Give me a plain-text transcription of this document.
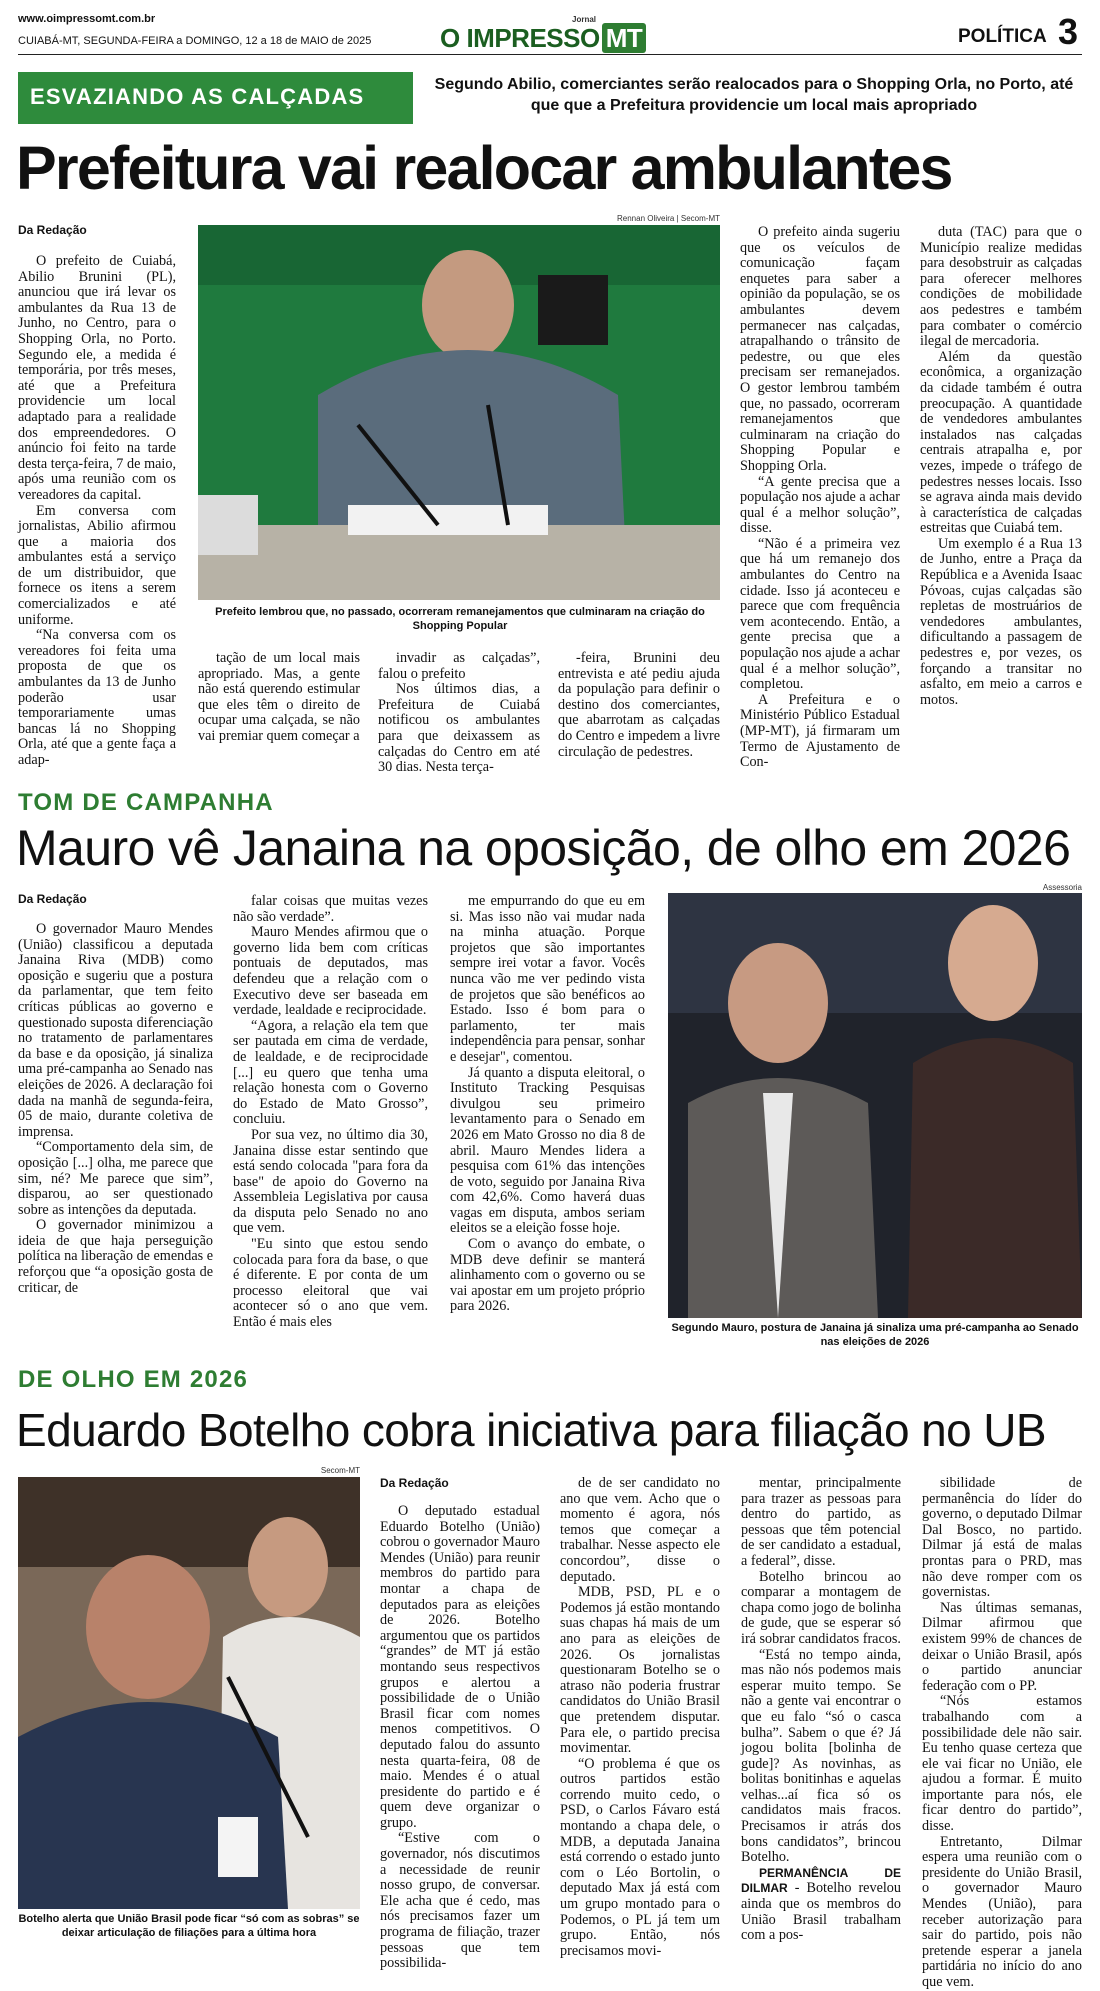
www.oimpressomt.com.br
CUIABÁ-MT, SEGUNDA-FEIRA a DOMINGO, 12 a 18 de MAIO de 2025
Jornal
O IMPRESSO MT	POLÍTICA 3
ESVAZIANDO AS CALÇADAS	Segundo Abilio, comerciantes serão realocados para o Shopping Orla, no Porto, até que que a Prefeitura providencie um local mais apropriado
Prefeitura vai realocar ambulantes
Da Redação

O prefeito de Cuiabá, Abilio Brunini (PL), anunciou que irá levar os ambulantes da Rua 13 de Junho, no Centro, para o Shopping Orla, no Porto. Segundo ele, a medida é temporária, por três meses, até que a Prefeitura providencie um local adaptado para a realidade dos empreendedores. O anúncio foi feito na tarde desta terça-feira, 7 de maio, após uma reunião com os vereadores da capital.

Em conversa com jornalistas, Abilio afirmou que a maioria dos ambulantes está a serviço de um distribuidor, que fornece os itens a serem comercializados e até uniforme.

“Na conversa com os vereadores foi feita uma proposta de que os ambulantes da 13 de Junho poderão usar temporariamente umas bancas lá no Shopping Orla, até que a gente faça a adap-

Rennan Oliveira | Secom-MT
Prefeito lembrou que, no passado, ocorreram remanejamentos que culminaram na criação do Shopping Popular

tação de um local mais apropriado. Mas, a gente não está querendo estimular que eles têm o direito de ocupar uma calçada, se não vai premiar quem começar a

invadir as calçadas”, falou o prefeito

Nos últimos dias, a Prefeitura de Cuiabá notificou os ambulantes para que deixassem as calçadas do Centro em até 30 dias. Nesta terça-

-feira, Brunini deu entrevista e até pediu ajuda da população para definir o destino dos comerciantes, que abarrotam as calçadas do Centro e impedem a livre circulação de pedestres.

O prefeito ainda sugeriu que os veículos de comunicação façam enquetes para saber a opinião da população, se os ambulantes devem permanecer nas calçadas, atrapalhando o trânsito de pedestre, ou que eles precisam ser remanejados. O gestor lembrou também que, no passado, ocorreram remanejamentos que culminaram na criação do Shopping Popular e Shopping Orla.

“A gente precisa que a população nos ajude a achar qual é a melhor solução”, disse.

“Não é a primeira vez que há um remanejo dos ambulantes do Centro na cidade. Isso já aconteceu e parece que com frequência vem acontecendo. Então, a gente precisa que a população nos ajude a achar qual é a melhor solução”, completou.

A Prefeitura e o Ministério Público Estadual (MP-MT), já firmaram um Termo de Ajustamento de Con-

duta (TAC) para que o Município realize medidas para desobstruir as calçadas para oferecer melhores condições de mobilidade aos pedestres e também para combater o comércio ilegal de mercadoria.

Além da questão econômica, a organização da cidade também é outra preocupação. A quantidade de vendedores ambulantes instalados nas calçadas centrais atrapalha e, por vezes, impede o tráfego de pedestres nesses locais. Isso se agrava ainda mais devido à característica de calçadas estreitas que Cuiabá tem.

Um exemplo é a Rua 13 de Junho, entre a Praça da República e a Avenida Isaac Póvoas, cujas calçadas são repletas de mostruários de vendedores ambulantes, dificultando a passagem de pedestres e, por vezes, os forçando a transitar no asfalto, em meio a carros e motos.

TOM DE CAMPANHA
Mauro vê Janaina na oposição, de olho em 2026
Da Redação

O governador Mauro Mendes (União) classificou a deputada Janaina Riva (MDB) como oposição e sugeriu que a postura da parlamentar, que tem feito críticas públicas ao governo e questionado suposta diferenciação no tratamento de parlamentares da base e da oposição, já sinaliza uma pré-campanha ao Senado nas eleições de 2026. A declaração foi dada na manhã de segunda-feira, 05 de maio, durante coletiva de imprensa.

“Comportamento dela sim, de oposição [...] olha, me parece que sim, né? Me parece que sim”, disparou, ao ser questionado sobre as intenções da deputada.

O governador minimizou a ideia de que haja perseguição política na liberação de emendas e reforçou que “a oposição gosta de criticar, de

falar coisas que muitas vezes não são verdade”.

Mauro Mendes afirmou que o governo lida bem com críticas pontuais de deputados, mas defendeu que a relação com o Executivo deve ser baseada em verdade, lealdade e reciprocidade.

“Agora, a relação ela tem que ser pautada em cima de verdade, de lealdade, e de reciprocidade [...] eu quero que tenha uma relação honesta com o Governo do Estado de Mato Grosso”, concluiu.

Por sua vez, no último dia 30, Janaina disse estar sentindo que está sendo colocada "para fora da base" de apoio do Governo na Assembleia Legislativa por causa da disputa pelo Senado no ano que vem.

"Eu sinto que estou sendo colocada para fora da base, o que é diferente. E por conta de um processo eleitoral que vai acontecer só o ano que vem. Então é mais eles

me empurrando do que eu em si. Mas isso não vai mudar nada na minha atuação. Porque projetos que são importantes sempre irei votar a favor. Vocês nunca vão me ver pedindo vista de projetos que são benéficos ao Estado. Isso é bom para o parlamento, ter mais independência para pensar, sonhar e desejar", comentou.

Já quanto a disputa eleitoral, o Instituto Tracking Pesquisas divulgou seu primeiro levantamento para o Senado em 2026 em Mato Grosso no dia 8 de abril. Mauro Mendes lidera a pesquisa com 61% das intenções de voto, seguido por Janaina Riva com 42,6%. Como haverá duas vagas em disputa, ambos seriam eleitos se a eleição fosse hoje.

Com o avanço do embate, o MDB deve definir se manterá alinhamento com o governo ou se vai apostar em um projeto próprio para 2026.

Assessoria
Segundo Mauro, postura de Janaina já sinaliza uma pré-campanha ao Senado nas eleições de 2026
DE OLHO EM 2026
Eduardo Botelho cobra iniciativa para filiação no UB
Secom-MT
Botelho alerta que União Brasil pode ficar “só com as sobras” se deixar articulação de filiações para a última hora
Da Redação

O deputado estadual Eduardo Botelho (União) cobrou o governador Mauro Mendes (União) para reunir membros do partido para montar a chapa de deputados para as eleições de 2026. Botelho argumentou que os partidos “grandes” de MT já estão montando seus respectivos grupos e alertou a possibilidade de o União Brasil ficar com nomes menos competitivos. O deputado falou do assunto nesta quarta-feira, 08 de maio. Mendes é o atual presidente do partido e é quem deve organizar o grupo.

“Estive com o governador, nós discutimos a necessidade de reunir nosso grupo, de conversar. Ele acha que é cedo, mas nós precisamos fazer um programa de filiação, trazer pessoas que tem possibilida-

de de ser candidato no ano que vem. Acho que o momento é agora, nós temos que começar a trabalhar. Nesse aspecto ele concordou”, disse o deputado.

MDB, PSD, PL e o Podemos já estão montando suas chapas há mais de um ano para as eleições de 2026. Os jornalistas questionaram Botelho se o atraso não poderia frustrar candidatos do União Brasil que pretendem disputar. Para ele, o partido precisa movimentar.

“O problema é que os outros partidos estão correndo muito cedo, o PSD, o Carlos Fávaro está montando a chapa dele, o MDB, a deputada Janaina está correndo o estado junto com o Léo Bortolin, o deputado Max já está com um grupo montado para o Podemos, o PL já tem um grupo. Então, nós precisamos movi-

mentar, principalmente para trazer as pessoas para dentro do partido, as pessoas que têm potencial de ser candidato a estadual, a federal”, disse.

Botelho brincou ao comparar a montagem de chapa como jogo de bolinha de gude, que se esperar só irá sobrar candidatos fracos.

“Está no tempo ainda, mas não nós podemos mais esperar muito tempo. Se não a gente vai encontrar o que eu falo “só o casca bulha”. Sabem o que é? Já jogou bolita [bolinha de gude]? As novinhas, as bolitas bonitinhas e aquelas velhas...aí fica só os candidatos mais fracos. Precisamos ir atrás dos bons candidatos”, brincou Botelho.

PERMANÊNCIA DE DILMAR - Botelho revelou ainda que os membros do União Brasil trabalham com a pos-

sibilidade de permanência do líder do governo, o deputado Dilmar Dal Bosco, no partido. Dilmar já está de malas prontas para o PRD, mas não deve romper com os governistas.

Nas últimas semanas, Dilmar afirmou que existem 99% de chances de deixar o União Brasil, após o partido anunciar federação com o PP.

“Nós estamos trabalhando com a possibilidade dele não sair. Eu tenho quase certeza que ele vai ficar no União, ele ajudou a formar. É muito importante para nós, ele ficar dentro do partido”, disse.

Entretanto, Dilmar espera uma reunião com o presidente do União Brasil, o governador Mauro Mendes (União), para receber autorização para sair do partido, pois não pretende esperar a janela partidária no início do ano que vem.
